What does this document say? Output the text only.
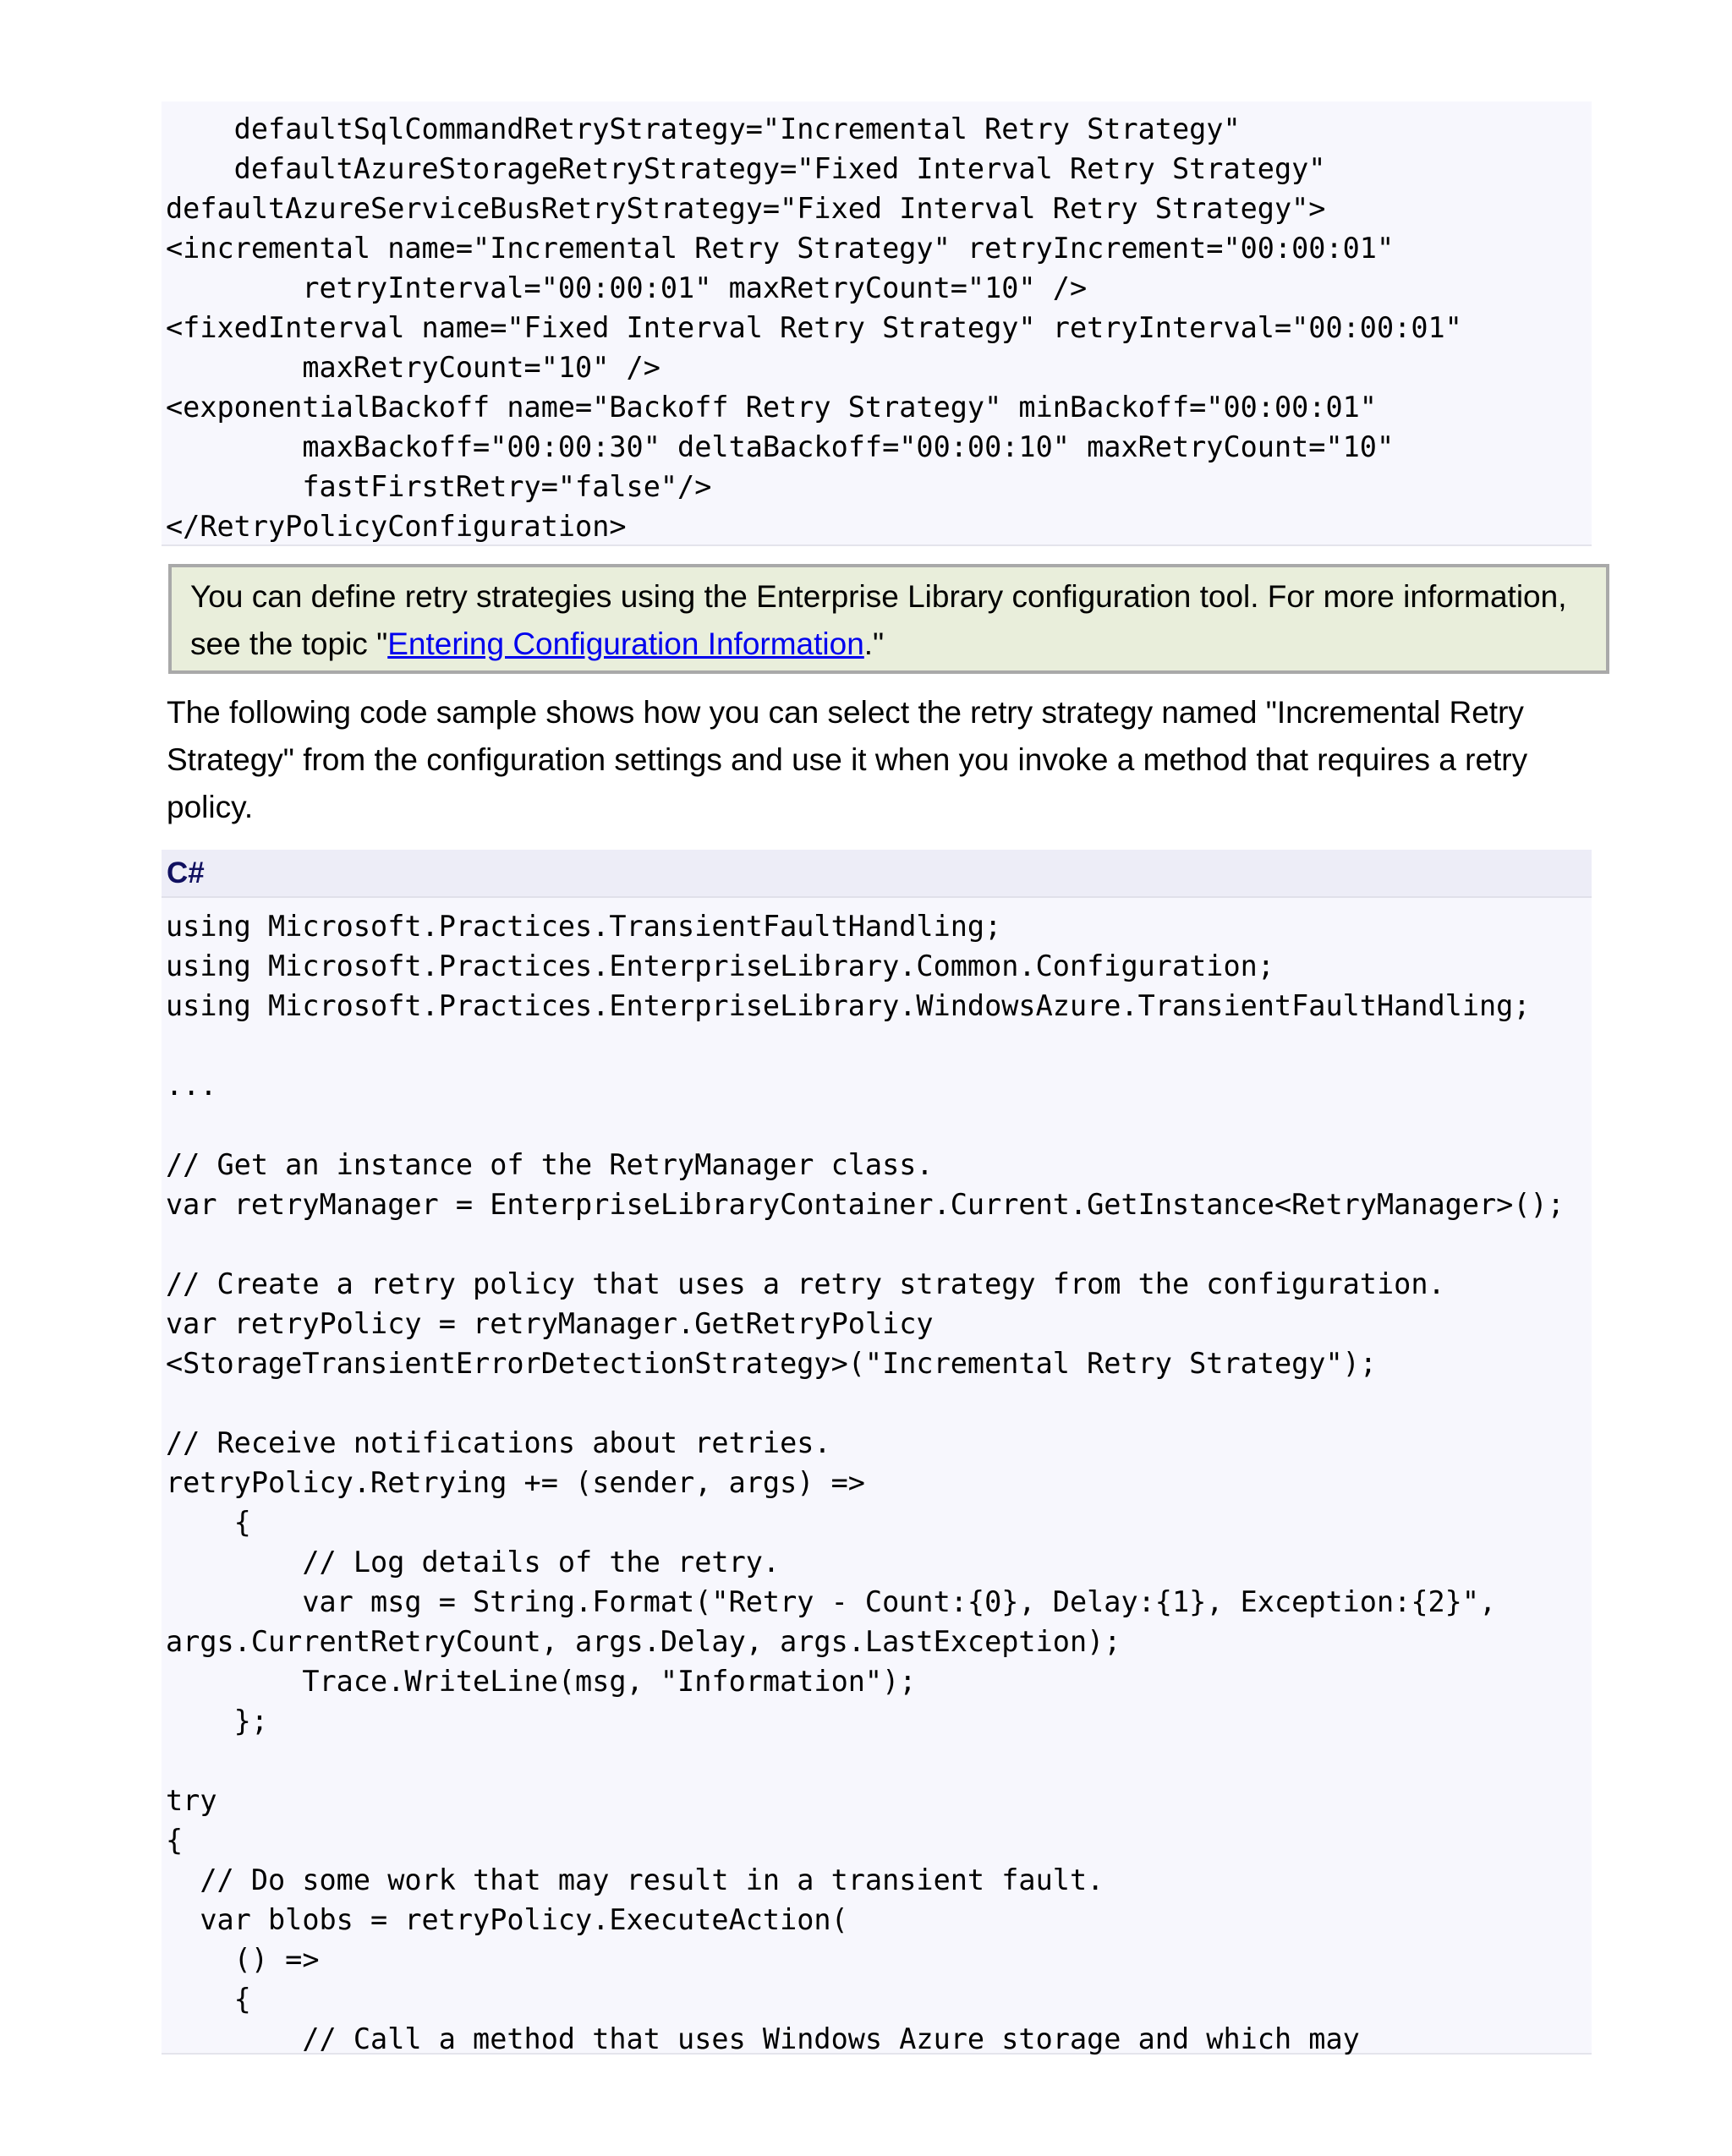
defaultSqlCommandRetryStrategy="Incremental Retry Strategy"
defaultAzureStorageRetryStrategy="Fixed Interval Retry Strategy"
defaultAzureServiceBusRetryStrategy="Fixed Interval Retry Strategy">
<incremental name="Incremental Retry Strategy" retryIncrement="00:00:01"
retryInterval="00:00:01" maxRetryCount="10" />
<fixedInterval name="Fixed Interval Retry Strategy" retryInterval="00:00:01"
maxRetryCount="10" />
<exponentialBackoff name="Backoff Retry Strategy" minBackoff="00:00:01"
maxBackoff="00:00:30" deltaBackoff="00:00:10" maxRetryCount="10"
fastFirstRetry="false"/>
</RetryPolicyConfiguration>
You can define retry strategies using the Enterprise Library configuration tool. For more information, see the topic "Entering Configuration Information."

The following code sample shows how you can select the retry strategy named "Incremental Retry Strategy" from the configuration settings and use it when you invoke a method that requires a retry policy.

C#
using Microsoft.Practices.TransientFaultHandling;
using Microsoft.Practices.EnterpriseLibrary.Common.Configuration;
using Microsoft.Practices.EnterpriseLibrary.WindowsAzure.TransientFaultHandling;

...

// Get an instance of the RetryManager class.
var retryManager = EnterpriseLibraryContainer.Current.GetInstance<RetryManager>();

// Create a retry policy that uses a retry strategy from the configuration.
var retryPolicy = retryManager.GetRetryPolicy
<StorageTransientErrorDetectionStrategy>("Incremental Retry Strategy");

// Receive notifications about retries.
retryPolicy.Retrying += (sender, args) =>
{
// Log details of the retry.
var msg = String.Format("Retry - Count:{0}, Delay:{1}, Exception:{2}",
args.CurrentRetryCount, args.Delay, args.LastException);
Trace.WriteLine(msg, "Information");
};

try
{
// Do some work that may result in a transient fault.
var blobs = retryPolicy.ExecuteAction(
() =>
{
// Call a method that uses Windows Azure storage and which may
